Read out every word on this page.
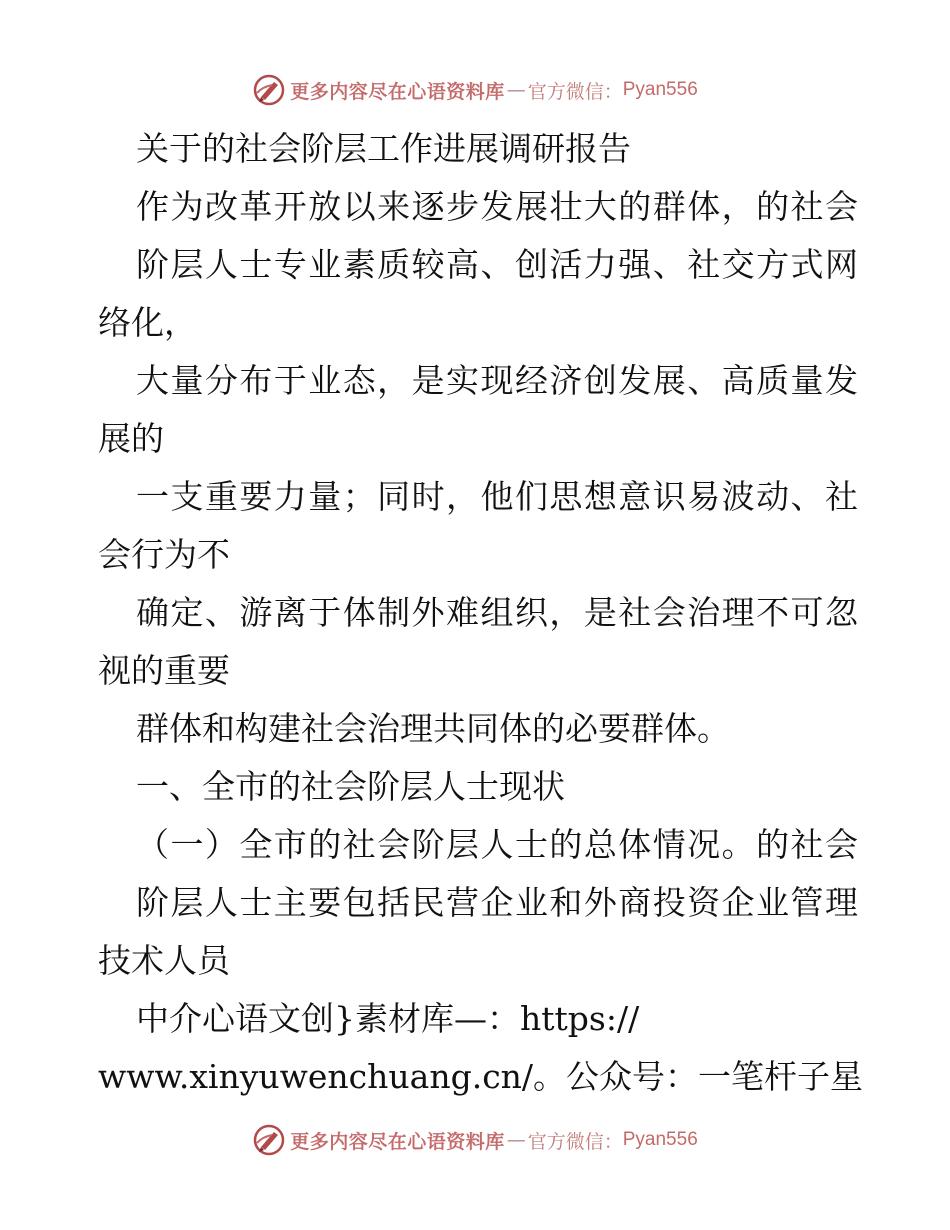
更多内容尽在心语资料库 — 官方微信： Pyan556
关于的社会阶层工作进展调研报告
作为改革开放以来逐步发展壮大的群体，的社会
阶层人士专业素质较高、创活力强、社交方式网
络化，
大量分布于业态，是实现经济创发展、高质量发
展的
一支重要力量；同时，他们思想意识易波动、社
会行为不
确定、游离于体制外难组织，是社会治理不可忽
视的重要
群体和构建社会治理共同体的必要群体。
一、全市的社会阶层人士现状
（一）全市的社会阶层人士的总体情况。的社会
阶层人士主要包括民营企业和外商投资企业管理
技术人员
中介心语文创}素材库—：https://
www.xinyuwenchuang.cn/。公众号：一笔杆子星
更多内容尽在心语资料库 — 官方微信： Pyan556
